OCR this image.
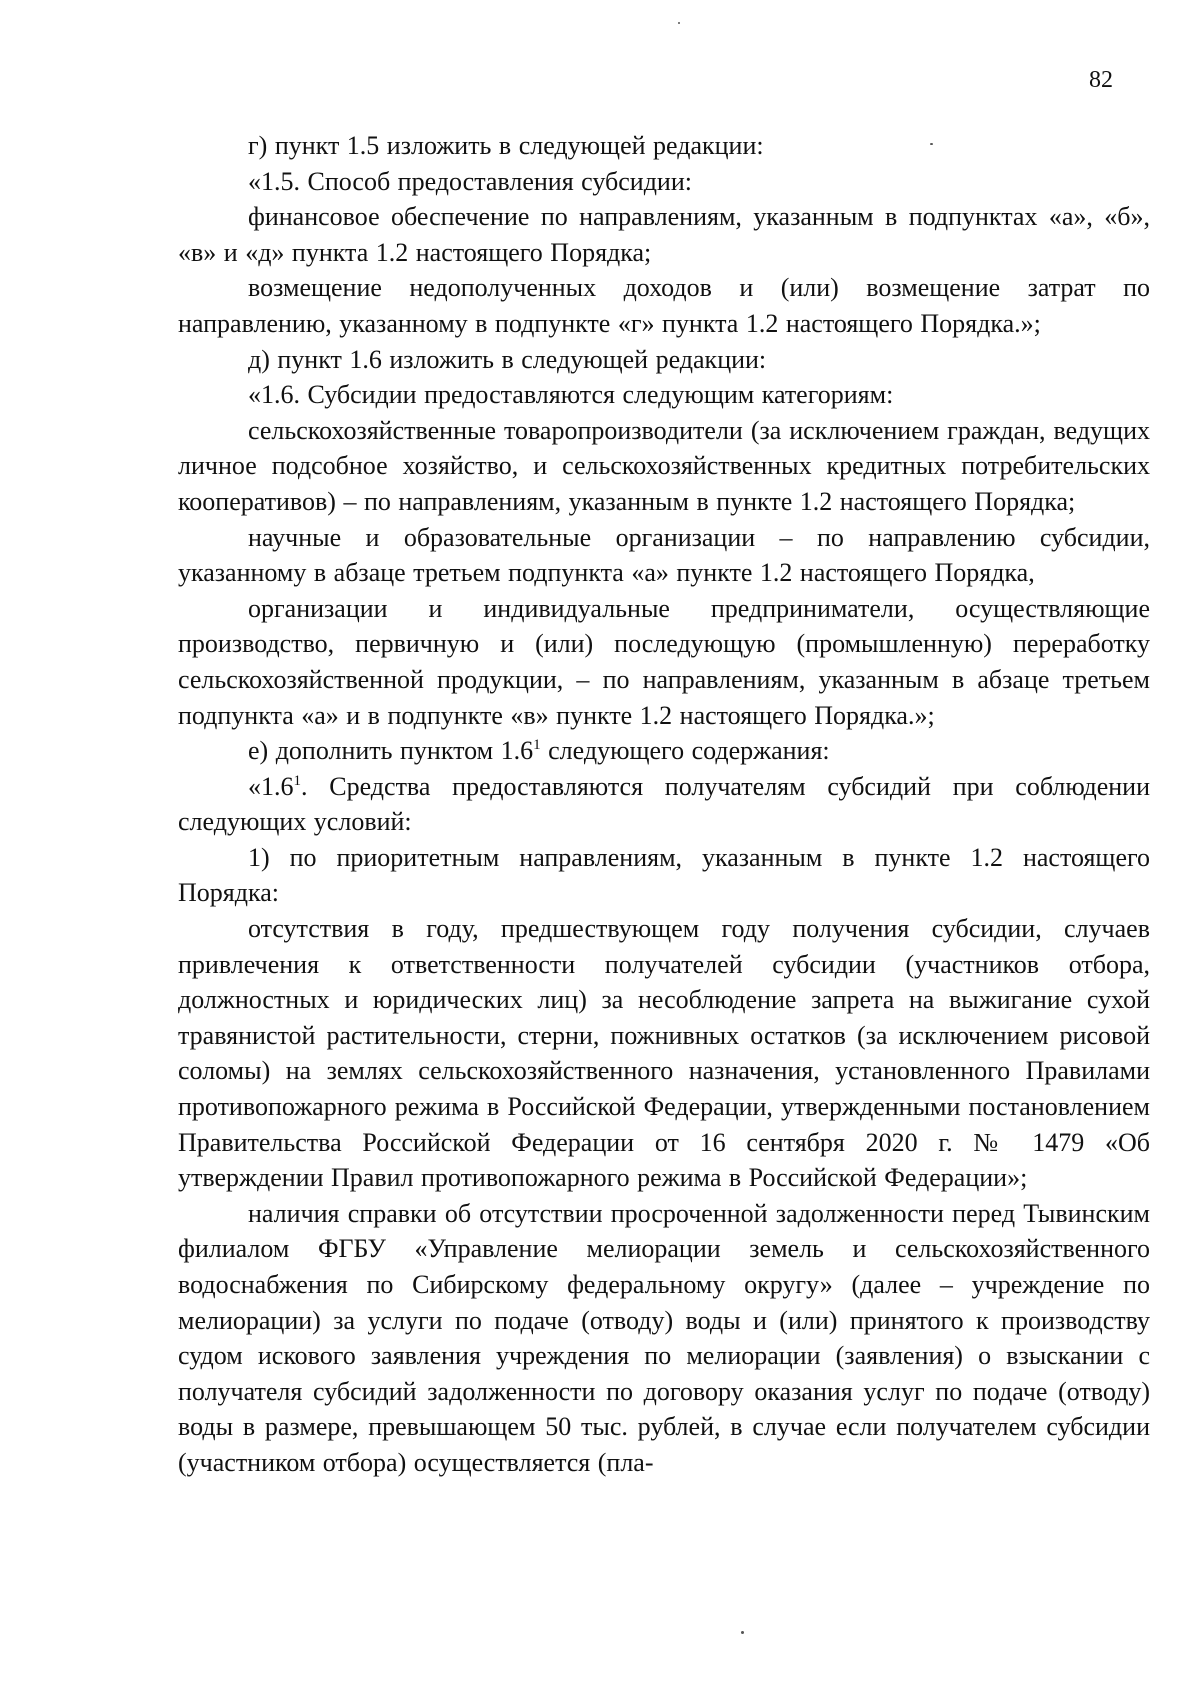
82

г) пункт 1.5 изложить в следующей редакции:

«1.5. Способ предоставления субсидии:

финансовое обеспечение по направлениям, указанным в подпунктах «а», «б», «в» и «д» пункта 1.2 настоящего Порядка;

возмещение недополученных доходов и (или) возмещение затрат по направлению, указанному в подпункте «г» пункта 1.2 настоящего Порядка.»;

д) пункт 1.6 изложить в следующей редакции:

«1.6. Субсидии предоставляются следующим категориям:

сельскохозяйственные товаропроизводители (за исключением граждан, ведущих личное подсобное хозяйство, и сельскохозяйственных кредитных потребительских кооперативов) – по направлениям, указанным в пункте 1.2 настоящего Порядка;

научные и образовательные организации – по направлению субсидии, указанному в абзаце третьем подпункта «а» пункте 1.2 настоящего Порядка,

организации и индивидуальные предприниматели, осуществляющие производство, первичную и (или) последующую (промышленную) переработку сельскохозяйственной продукции, – по направлениям, указанным в абзаце третьем подпункта «а» и в подпункте «в» пункте 1.2 настоящего Порядка.»;

е) дополнить пунктом $1.6^1$ следующего содержания:

«$1.6^1$. Средства предоставляются получателям субсидий при соблюдении следующих условий:

1) по приоритетным направлениям, указанным в пункте 1.2 настоящего Порядка:

отсутствия в году, предшествующем году получения субсидии, случаев привлечения к ответственности получателей субсидии (участников отбора, должностных и юридических лиц) за несоблюдение запрета на выжигание сухой травянистой растительности, стерни, пожнивных остатков (за исключением рисовой соломы) на землях сельскохозяйственного назначения, установленного Правилами противопожарного режима в Российской Федерации, утвержденными постановлением Правительства Российской Федерации от 16 сентября 2020 г. № 1479 «Об утверждении Правил противопожарного режима в Российской Федерации»;

наличия справки об отсутствии просроченной задолженности перед Тывинским филиалом ФГБУ «Управление мелиорации земель и сельскохозяйственного водоснабжения по Сибирскому федеральному округу» (далее – учреждение по мелиорации) за услуги по подаче (отводу) воды и (или) принятого к производству судом искового заявления учреждения по мелиорации (заявления) о взыскании с получателя субсидий задолженности по договору оказания услуг по подаче (отводу) воды в размере, превышающем 50 тыс. рублей, в случае если получателем субсидии (участником отбора) осуществляется (пла-
